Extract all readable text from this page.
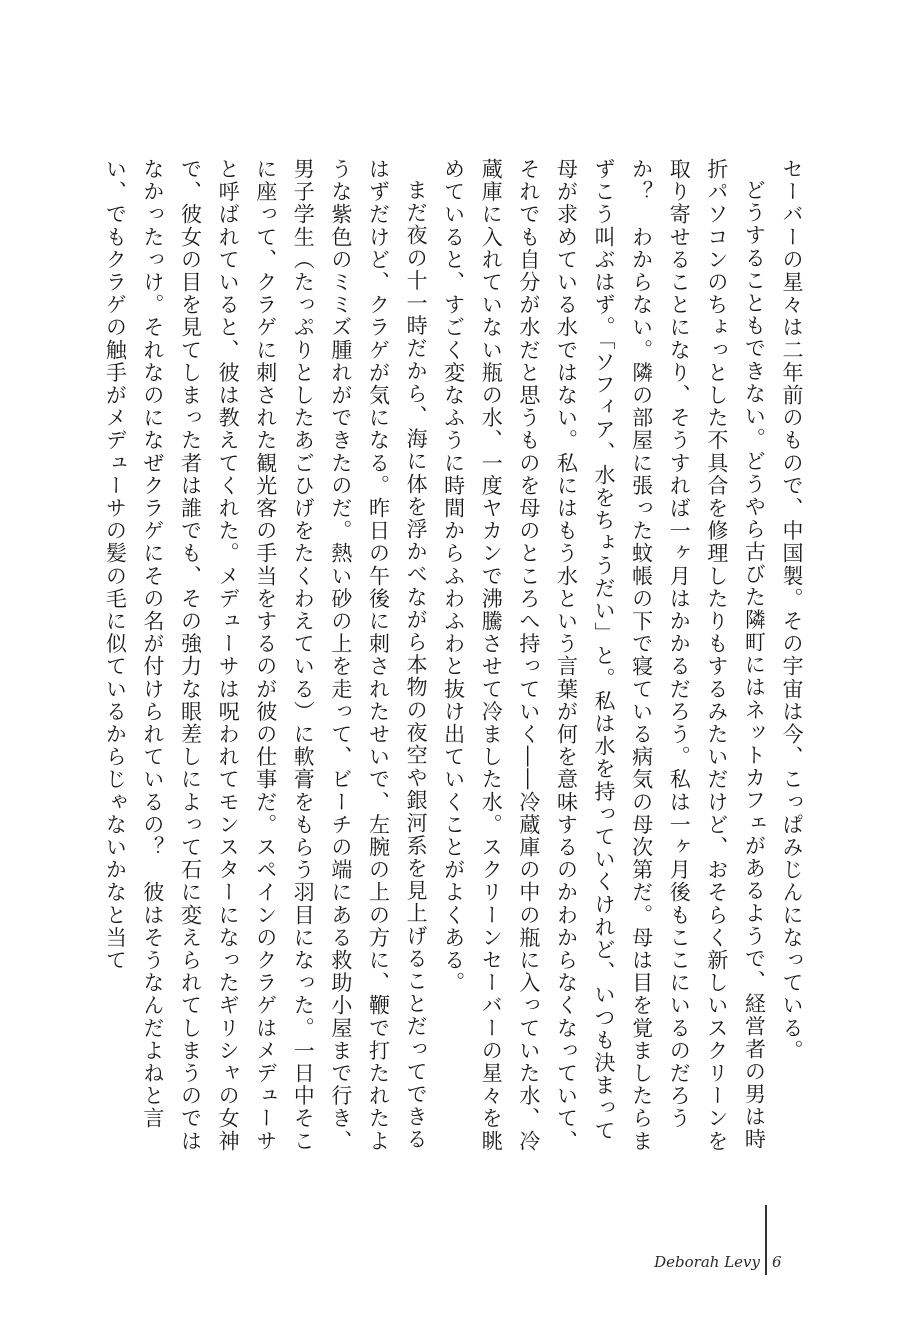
セーバーの星々は二年前のもので、中国製。その宇宙は今、こっぱみじんになっている。

どうすることもできない。どうやら古びた隣町にはネットカフェがあるようで、経営者の男は時折パソコンのちょっとした不具合を修理したりもするみたいだけど、おそらく新しいスクリーンを取り寄せることになり、そうすれば一ヶ月はかかるだろう。私は一ヶ月後もここにいるのだろうか？　わからない。隣の部屋に張った蚊帳の下で寝ている病気の母次第だ。母は目を覚ましたらまずこう叫ぶはず。「ソフィア、水をちょうだい」と。私は水を持っていくけれど、いつも決まって母が求めている水ではない。私にはもう水という言葉が何を意味するのかわからなくなっていて、それでも自分が水だと思うものを母のところへ持っていく――冷蔵庫の中の瓶に入っていた水、冷蔵庫に入れていない瓶の水、一度ヤカンで沸騰させて冷ました水。スクリーンセーバーの星々を眺めていると、すごく変なふうに時間からふわふわと抜け出ていくことがよくある。

まだ夜の十一時だから、海に体を浮かべながら本物の夜空や銀河系を見上げることだってできるはずだけど、クラゲが気になる。昨日の午後に刺されたせいで、左腕の上の方に、鞭で打たれたような紫色のミミズ腫れができたのだ。熱い砂の上を走って、ビーチの端にある救助小屋まで行き、男子学生（たっぷりとしたあごひげをたくわえている）に軟膏をもらう羽目になった。一日中そこに座って、クラゲに刺された観光客の手当をするのが彼の仕事だ。スペインのクラゲはメデューサと呼ばれていると、彼は教えてくれた。メデューサは呪われてモンスターになったギリシャの女神で、彼女の目を見てしまった者は誰でも、その強力な眼差しによって石に変えられてしまうのではなかったっけ。それなのになぜクラゲにその名が付けられているの？　彼はそうなんだよねと言い、でもクラゲの触手がメデューサの髪の毛に似ているからじゃないかなと当て

Deborah Levy 6
